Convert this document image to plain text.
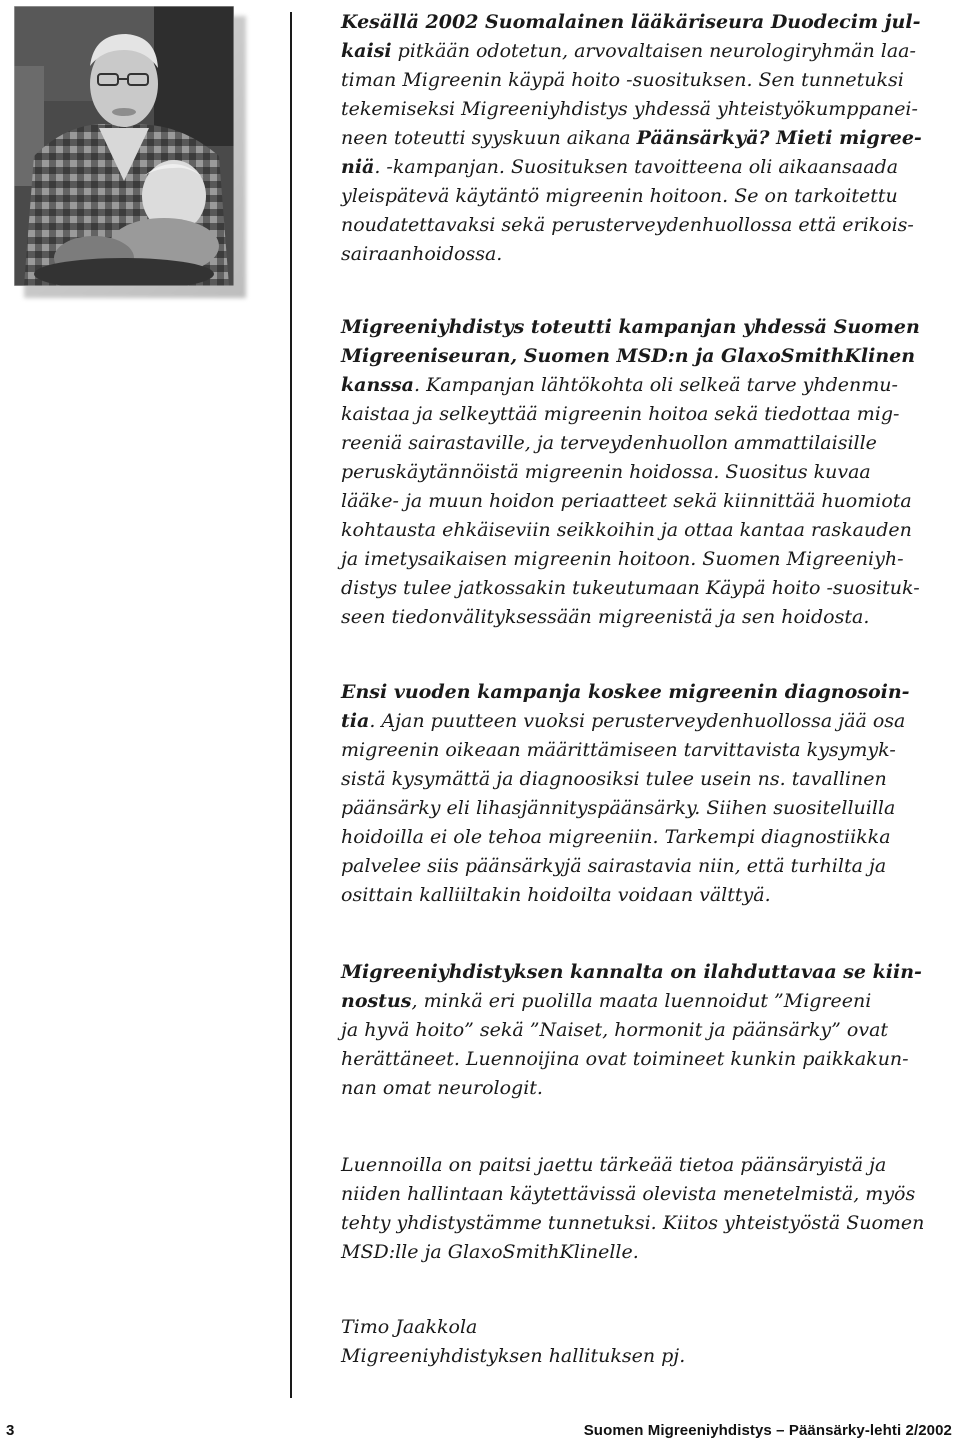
Kesällä 2002 Suomalainen lääkäriseura Duodecim jul-
kaisi pitkään odotetun, arvovaltaisen neurologiryhmän laa-
timan Migreenin käypä hoito -suosituksen. Sen tunnetuksi
tekemiseksi Migreeniyhdistys yhdessä yhteistyökumppanei-
neen toteutti syyskuun aikana Päänsärkyä? Mieti migree-
niä. -kampanjan. Suosituksen tavoitteena oli aikaansaada
yleispätevä käytäntö migreenin hoitoon. Se on tarkoitettu
noudatettavaksi sekä perusterveydenhuollossa että erikois-
sairaanhoidossa.

Migreeniyhdistys toteutti kampanjan yhdessä Suomen
Migreeniseuran, Suomen MSD:n ja GlaxoSmithKlinen
kanssa. Kampanjan lähtökohta oli selkeä tarve yhdenmu-
kaistaa ja selkeyttää migreenin hoitoa sekä tiedottaa mig-
reeniä sairastaville, ja terveydenhuollon ammattilaisille
peruskäytännöistä migreenin hoidossa. Suositus kuvaa
lääke- ja muun hoidon periaatteet sekä kiinnittää huomiota
kohtausta ehkäiseviin seikkoihin ja ottaa kantaa raskauden
ja imetysaikaisen migreenin hoitoon. Suomen Migreeniyh-
distys tulee jatkossakin tukeutumaan Käypä hoito -suosituk-
seen tiedonvälityksessään migreenistä ja sen hoidosta.

Ensi vuoden kampanja koskee migreenin diagnosoin-
tia. Ajan puutteen vuoksi perusterveydenhuollossa jää osa
migreenin oikeaan määrittämiseen tarvittavista kysymyk-
sistä kysymättä ja diagnoosiksi tulee usein ns. tavallinen
päänsärky eli lihasjännityspäänsärky. Siihen suositelluilla
hoidoilla ei ole tehoa migreeniin. Tarkempi diagnostiikka
palvelee siis päänsärkyjä sairastavia niin, että turhilta ja
osittain kalliiltakin hoidoilta voidaan välttyä.

Migreeniyhdistyksen kannalta on ilahduttavaa se kiin-
nostus, minkä eri puolilla maata luennoidut ”Migreeni
ja hyvä hoito” sekä ”Naiset, hormonit ja päänsärky” ovat
herättäneet. Luennoijina ovat toimineet kunkin paikkakun-
nan omat neurologit.

Luennoilla on paitsi jaettu tärkeää tietoa päänsäryistä ja
niiden hallintaan käytettävissä olevista menetelmistä, myös
tehty yhdistystämme tunnetuksi. Kiitos yhteistyöstä Suomen
MSD:lle ja GlaxoSmithKlinelle.

Timo Jaakkola
Migreeniyhdistyksen hallituksen pj.

3	Suomen Migreeniyhdistys – Päänsärky-lehti 2/2002
